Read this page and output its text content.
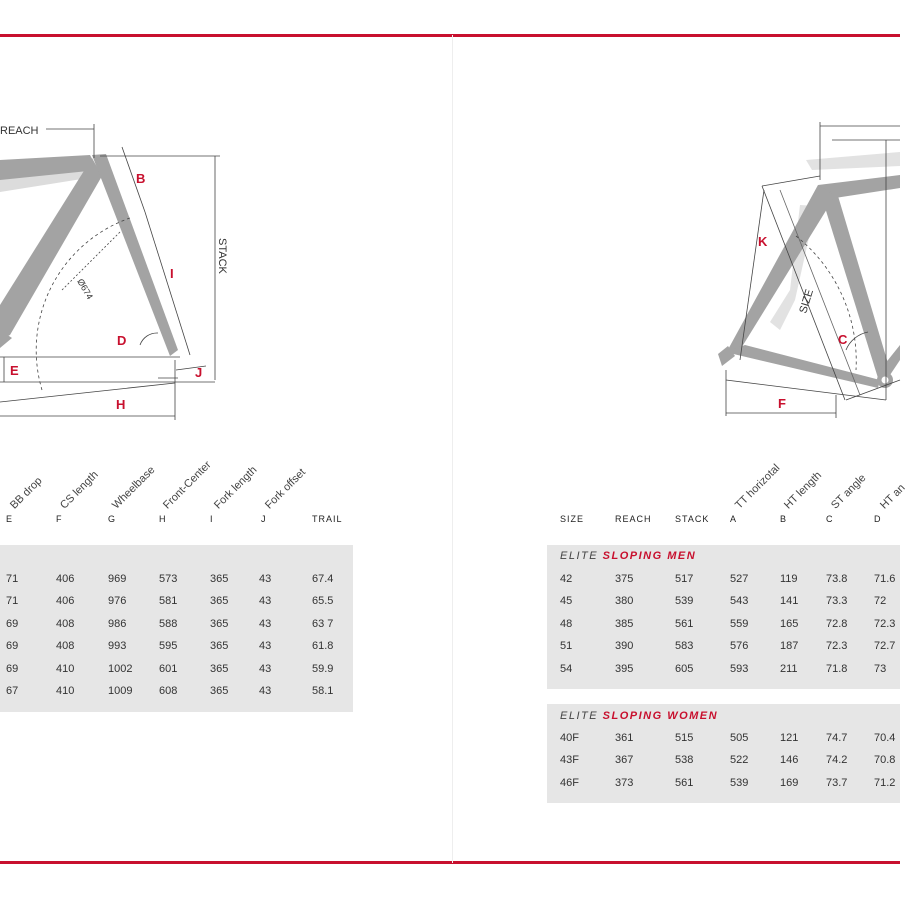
REACH
STACK
B
I
D
E	J
H
Ø674
K
SIZE
C
F
BB drop CS length Wheelbase Front-Center
Fork length Fork offset
E	F	G	H	I	J	TRAIL
71	406	969	573	365	43	67.4
71	406	976	581	365	43	65.5
69	408	986	588	365	43	63 7
69	408	993	595	365	43	61.8
69	410	1002 601	365	43	59.9
67	410	1009 608	365	43	58.1
TT horizotal HT length ST angle HT an
SIZE	REACH	STACK A	B	C	D
ELITE SLOPING MEN
42	375	517	527	119	73.8 71.6
45	380	539	543	141	73.3 72
48	385	561	559	165	72.8 72.3
51	390	583	576	187	72.3 72.7
54	395	605	593	211	71.8 73
ELITE SLOPING WOMEN
40F	361	515	505	121	74.7 70.4
43F	367	538	522	146	74.2 70.8
46F	373	561	539	169	73.7 71.2
